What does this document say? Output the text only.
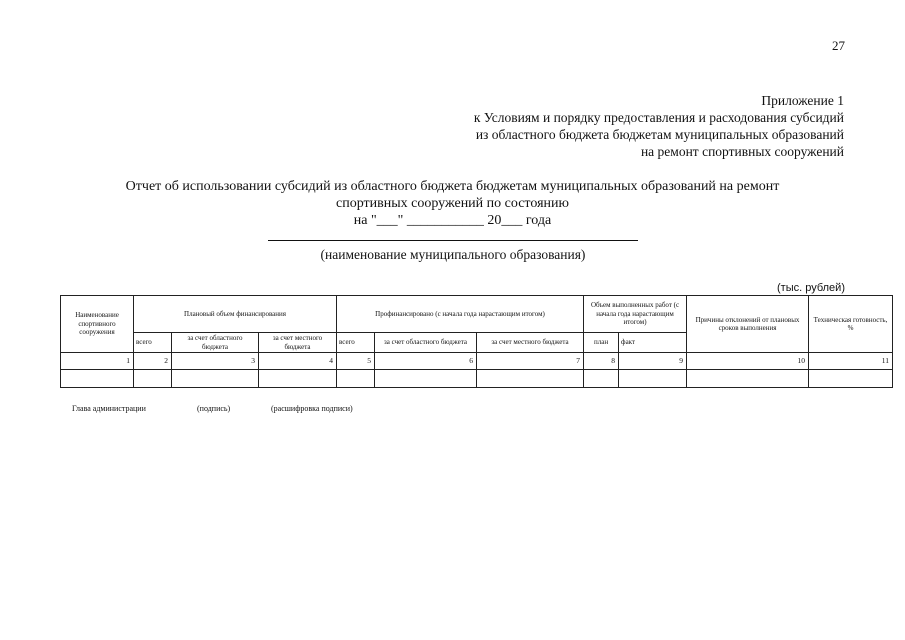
27
Приложение 1
к Условиям и порядку предоставления и расходования субсидий
из областного бюджета бюджетам муниципальных образований
на ремонт спортивных сооружений
Отчет об использовании субсидий из областного бюджета бюджетам муниципальных образований на ремонт
спортивных сооружений по состоянию
на "___" ___________ 20___ года
(наименование муниципального образования)
(тыс. рублей)
Наименование спортивного сооружения	Плановый объем финансирования			Профинансировано (с начала года нарастающим итогом)			Объем выполненных работ (с начала года нарастающим итогом)		Причины отклонений от плановых сроков выполнения	Техническая готовность, %
	всего	за счет областного бюджета	за счет местного бюджета	всего	за счет областного бюджета	за счет местного бюджета	план	факт		
1	2	3	4	5	6	7	8	9	10	11

Глава администрации	(подпись)	(расшифровка подписи)
